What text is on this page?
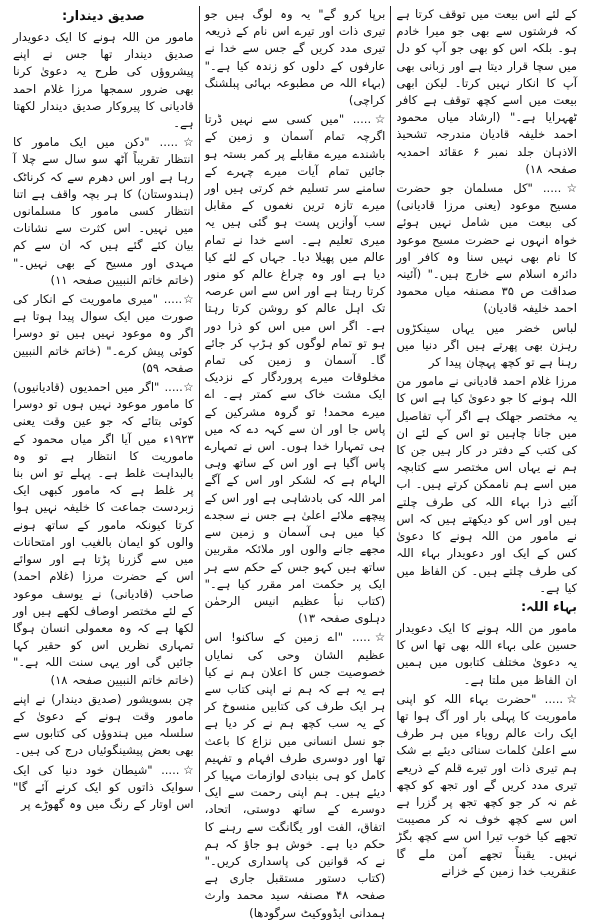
کے لئے اس بیعت میں توقف کرتا ہے کہ فرشتوں سے بھی جو میرا خادم ہو۔ بلکہ اس کو بھی جو آپ کو دل میں سچا قرار دیتا ہے اور زبانی بھی آپ کا انکار نہیں کرتا۔ لیکن ابھی بیعت میں اسے کچھ توقف ہے کافر ٹھہرایا ہے۔" (ارشاد میاں محمود احمد خلیفہ قادیان مندرجہ تشحیذ الاذہان جلد نمبر ۶ عقائد احمدیہ صفحہ ۱۸)

☆..... "کل مسلمان جو حضرت مسیح موعود (یعنی مرزا قادیانی) کی بیعت میں شامل نہیں ہوئے خواہ انہوں نے حضرت مسیح موعود کا نام بھی نہیں سنا وہ کافر اور دائرہ اسلام سے خارج ہیں۔" (آئینہ صداقت ص ۳۵ مصنفہ میاں محمود احمد خلیفہ قادیان)

لباس خضر میں یہاں سینکڑوں رہزن بھی پھرتے ہیں اگر دنیا میں رہنا ہے تو کچھ پہچان پیدا کر

مرزا غلام احمد قادیانی نے مامور من اللہ ہونے کا جو دعویٰ کیا ہے اس کا یہ مختصر جھلک ہے اگر آپ تفاصیل میں جانا چاہیں تو اس کے لئے ان کی کتب کے دفتر در کار ہیں جن کا ہم نے یہاں اس مختصر سے کتابچہ میں اسے ہم ناممکن کرتے ہیں۔ اب آئیے ذرا بہاء اللہ کی طرف چلتے ہیں اور اس کو دیکھتے ہیں کہ اس نے مامور من اللہ ہونے کا دعویٰ کس کے ایک اور دعویدار بہاء اللہ کی طرف چلتے ہیں۔ کن الفاظ میں کیا ہے۔

بہاء اللہ:

مامور من اللہ ہونے کا ایک دعویدار حسین علی بہاء اللہ بھی تھا اس کا یہ دعویٰ مختلف کتابوں میں ہمیں ان الفاظ میں ملتا ہے۔

☆..... "حضرت بہاء اللہ کو اپنی ماموریت کا پہلی بار اور آگ ہوا تھا ایک رات عالم رویاء میں ہر طرف سے اعلیٰ کلمات سنائی دیئے بے شک ہم تیری ذات اور تیرے قلم کے ذریعے تیری مدد کریں گے اور تجھ کو کچھ غم نہ کر جو کچھ تجھ پر گزرا ہے اس سے کچھ خوف نہ کر مصیبت تجھے کیا خوب تیرا اس سے کچھ بگڑ نہیں۔ یقیناً تجھے آمن ملے گا عنقریب خدا زمین کے خزانے

برپا کرو گے" یہ وہ لوگ ہیں جو تیری ذات اور تیرے اس نام کے ذریعہ تیری مدد کریں گے جس سے خدا نے عارفوں کے دلوں کو زندہ کیا ہے۔" (بہاء اللہ ص مطبوعہ بہائی پبلشنگ کراچی)

☆..... "میں کسی سے نہیں ڈرتا اگرچہ تمام آسمان و زمین کے باشندے میرے مقابلے پر کمر بستہ ہو جائیں تمام آیات میرے چہرے کے سامنے سر تسلیم خم کرتی ہیں اور میرے تازہ ترین نغموں کے مقابل سب آوازیں پست ہو گئی ہیں یہ میری تعلیم ہے۔ اسے خدا نے تمام عالم میں پھیلا دیا۔ جہاں کے لئے کیا دیا ہے اور وہ چراغ عالم کو منور کرتا رہتا ہے اور اس سے اس عرصہ تک اہل عالم کو روشن کرتا رہتا ہے۔ اگر اس میں اس کو ذرا دور ہو تو تمام لوگوں کو ہڑپ کر جائے گا۔ آسمان و زمین کی تمام مخلوقات میرے پروردگار کے نزدیک ایک مشت خاک سے کمتر ہے۔ اے میرے محمد! تو گروہ مشرکین کے پاس جا اور ان سے کہہ دے کہ میں ہی تمہارا خدا ہوں۔ اس نے تمہارے پاس آگیا ہے اور اس کے ساتھ وہی الہام ہے کہ لشکر اور اس کے آگے امر اللہ کی بادشاہی ہے اور اس کے پیچھے ملائے اعلیٰ ہے جس نے سجدے کیا میں ہی آسمان و زمین سے مجھے جانے والوں اور ملائکہ مقربین ساتھ ہیں کہو جس کے حکم سے ہر ایک پر حکمت امر مقرر کیا ہے۔" (کتاب نبأ عظیم انیس الرحمٰن دہلوی صفحہ ۱۳)

☆..... "اے زمین کے ساکنو! اس عظیم الشان وحی کی نمایاں خصوصیت جس کا اعلان ہم نے کیا ہے یہ ہے کہ ہم نے اپنی کتاب سے ہر ایک طرف کی کتابیں منسوخ کر کے یہ سب کچھ ہم نے کر دیا ہے جو نسل انسانی میں نزاع کا باعث تھا اور دوسری طرف افہام و تفہیم کامل کو ہی بنیادی لوازمات مہیا کر دیئے ہیں۔ ہم اپنی رحمت سے ایک دوسرے کے ساتھ دوستی، اتحاد، اتفاق، الفت اور یگانگت سے رہنے کا حکم دیا ہے۔ خوش ہو جاؤ کہ ہم نے کہ قوانین کی پاسداری کریں۔" (کتاب دستور مستقبل جاری ہے صفحہ ۴۸ مصنفہ سید محمد وارث ہمدانی ایڈووکیٹ سرگودھا)

صدیق دیندار:

مامور من اللہ ہونے کا ایک دعویدار صدیق دیندار تھا جس نے اپنے پیشروؤں کی طرح یہ دعویٰ کرنا بھی ضرور سمجھا مرزا غلام احمد قادیانی کا پیروکار صدیق دیندار لکھتا ہے۔

☆..... "دکن میں ایک مامور کا انتظار تقریباً آٹھ سو سال سے چلا آ رہا ہے اور اس دھرم سے کہ کرناٹک (ہندوستان) کا ہر بچہ واقف ہے اتنا انتظار کسی مامور کا مسلمانوں میں نہیں۔ اس کثرت سے نشانات بیان کئے گئے ہیں کہ ان سے کم مہدی اور مسیح کے بھی نہیں۔" (خاتم خاتم النبیین صفحہ ۱۱)

☆..... "میری ماموریت کے انکار کی صورت میں ایک سوال پیدا ہوتا ہے اگر وہ موعود نہیں ہیں تو دوسرا کوئی پیش کرے۔" (خاتم خاتم النبیین صفحہ ۵۹)

☆..... "اگر میں احمدیوں (قادیانیوں) کا مامور موعود نہیں ہوں تو دوسرا کوئی بتائے کہ جو عین وقت یعنی ۱۹۲۳ء میں آیا اگر میاں محمود کے ماموریت کا انتظار ہے تو وہ بالبداہت غلط ہے۔ پہلے تو اس بنا پر غلط ہے کہ مامور کبھی ایک زبردست جماعت کا خلیفہ نہیں ہوا کرتا کیونکہ مامور کے ساتھ ہونے والوں کو ایمان بالغیب اور امتحانات میں سے گزرنا پڑتا ہے اور سوائے اس کے حضرت مرزا (غلام احمد) صاحب (قادیانی) نے یوسف موعود کے لئے مختصر اوصاف لکھے ہیں اور لکھا ہے کہ وہ معمولی انسان ہوگا تمہاری نظریں اس کو حقیر کہا جائیں گی اور یہی سنت اللہ ہے۔" (خاتم خاتم النبیین صفحہ ۱۸)

چن بسویشور (صدیق دیندار) نے اپنے مامور وقت ہونے کے دعویٰ کے سلسلہ میں ہندوؤں کی کتابوں سے بھی بعض پیشینگوئیاں درج کی ہیں۔

☆..... "شیطان خود دنیا کی ایک سوایک ذاتوں کو ایک کرنے آئے گا" اس اوتار کے رنگ میں وہ گھوڑے پر
